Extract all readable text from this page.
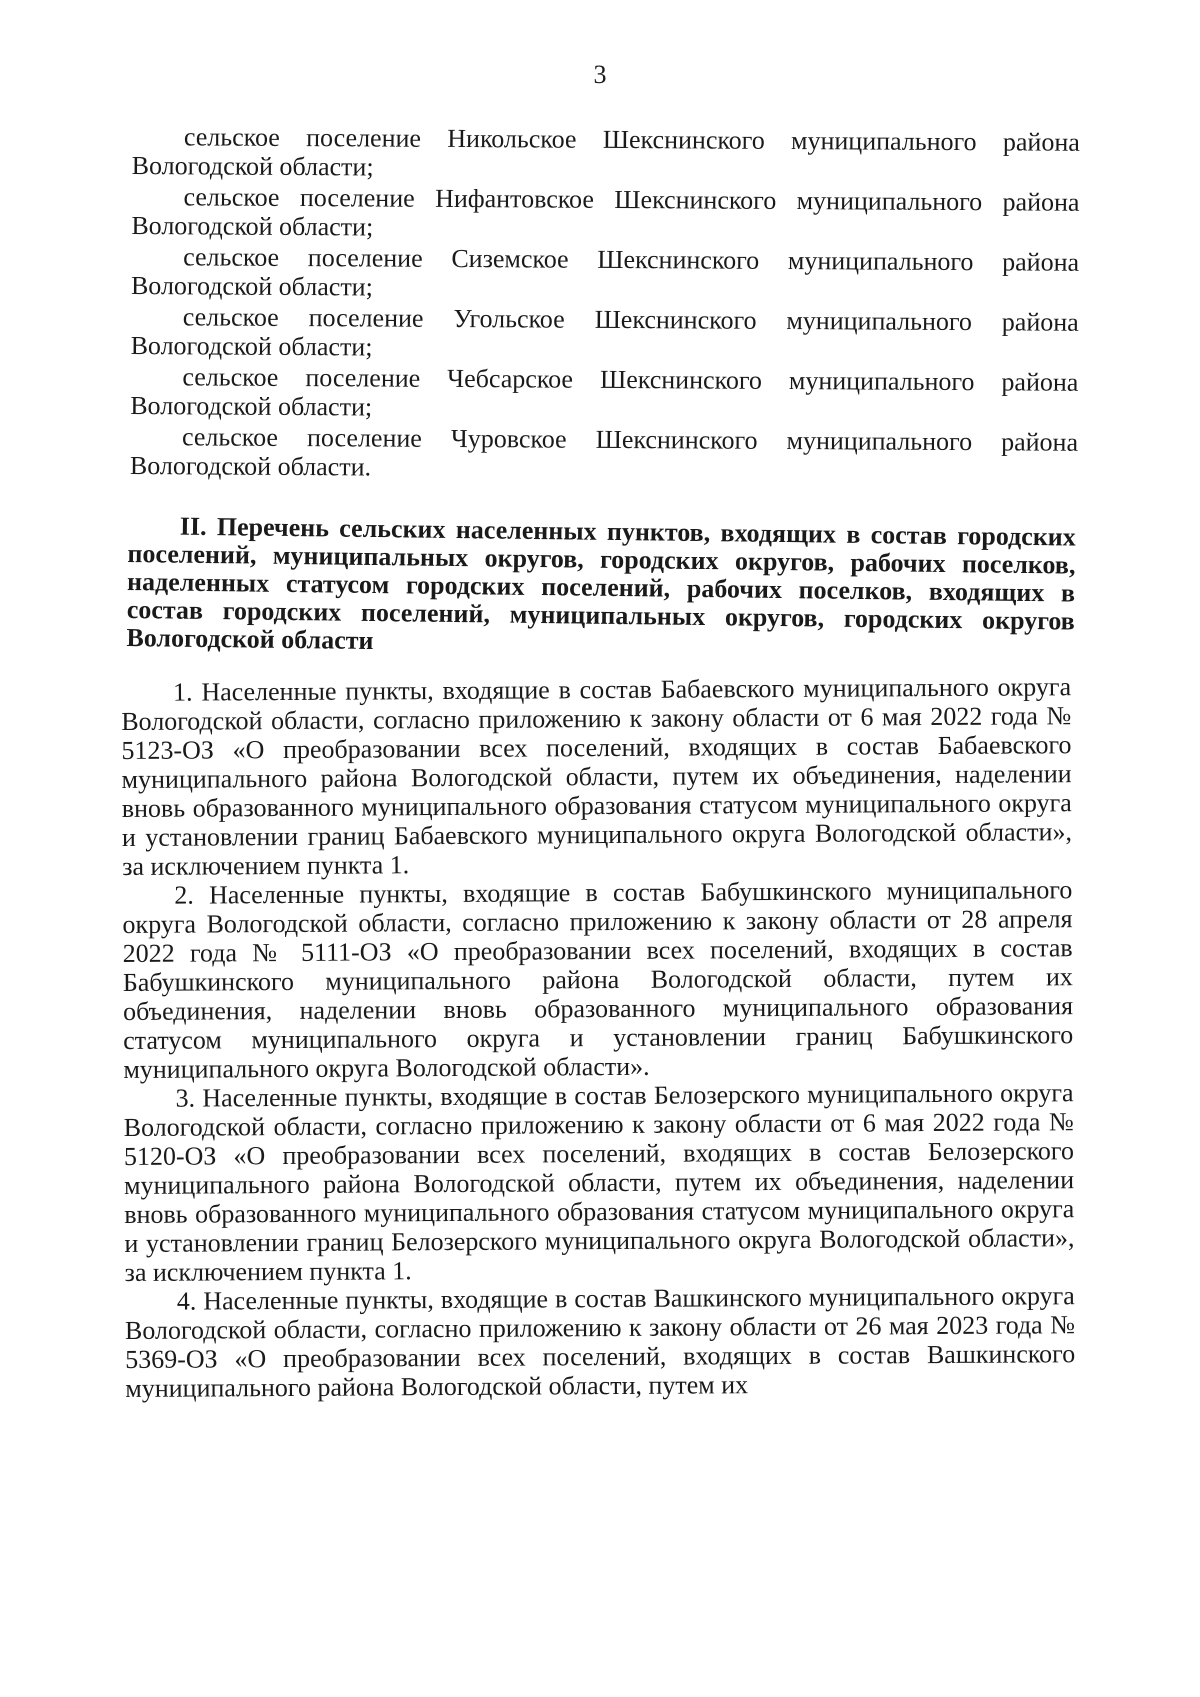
3
сельское поселение Никольское Шекснинского муниципального района
Вологодской области;
сельское поселение Нифантовское Шекснинского муниципального района
Вологодской области;
сельское поселение Сиземское Шекснинского муниципального района
Вологодской области;
сельское поселение Угольское Шекснинского муниципального района
Вологодской области;
сельское поселение Чебсарское Шекснинского муниципального района
Вологодской области;
сельское поселение Чуровское Шекснинского муниципального района
Вологодской области.

II. Перечень сельских населенных пунктов, входящих в состав городских поселений, муниципальных округов, городских округов, рабочих поселков, наделенных статусом городских поселений, рабочих поселков, входящих в состав городских поселений, муниципальных округов, городских округов Вологодской области

1. Населенные пункты, входящие в состав Бабаевского муниципального округа Вологодской области, согласно приложению к закону области от 6 мая 2022 года № 5123-ОЗ «О преобразовании всех поселений, входящих в состав Бабаевского муниципального района Вологодской области, путем их объединения, наделении вновь образованного муниципального образования статусом муниципального округа и установлении границ Бабаевского муниципального округа Вологодской области», за исключением пункта 1.

2. Населенные пункты, входящие в состав Бабушкинского муниципального округа Вологодской области, согласно приложению к закону области от 28 апреля 2022 года № 5111-ОЗ «О преобразовании всех поселений, входящих в состав Бабушкинского муниципального района Вологодской области, путем их объединения, наделении вновь образованного муниципального образования статусом муниципального округа и установлении границ Бабушкинского муниципального округа Вологодской области».

3. Населенные пункты, входящие в состав Белозерского муниципального округа Вологодской области, согласно приложению к закону области от 6 мая 2022 года № 5120-ОЗ «О преобразовании всех поселений, входящих в состав Белозерского муниципального района Вологодской области, путем их объединения, наделении вновь образованного муниципального образования статусом муниципального округа и установлении границ Белозерского муниципального округа Вологодской области», за исключением пункта 1.

4. Населенные пункты, входящие в состав Вашкинского муниципального округа Вологодской области, согласно приложению к закону области от 26 мая 2023 года № 5369-ОЗ «О преобразовании всех поселений, входящих в состав Вашкинского муниципального района Вологодской области, путем их
